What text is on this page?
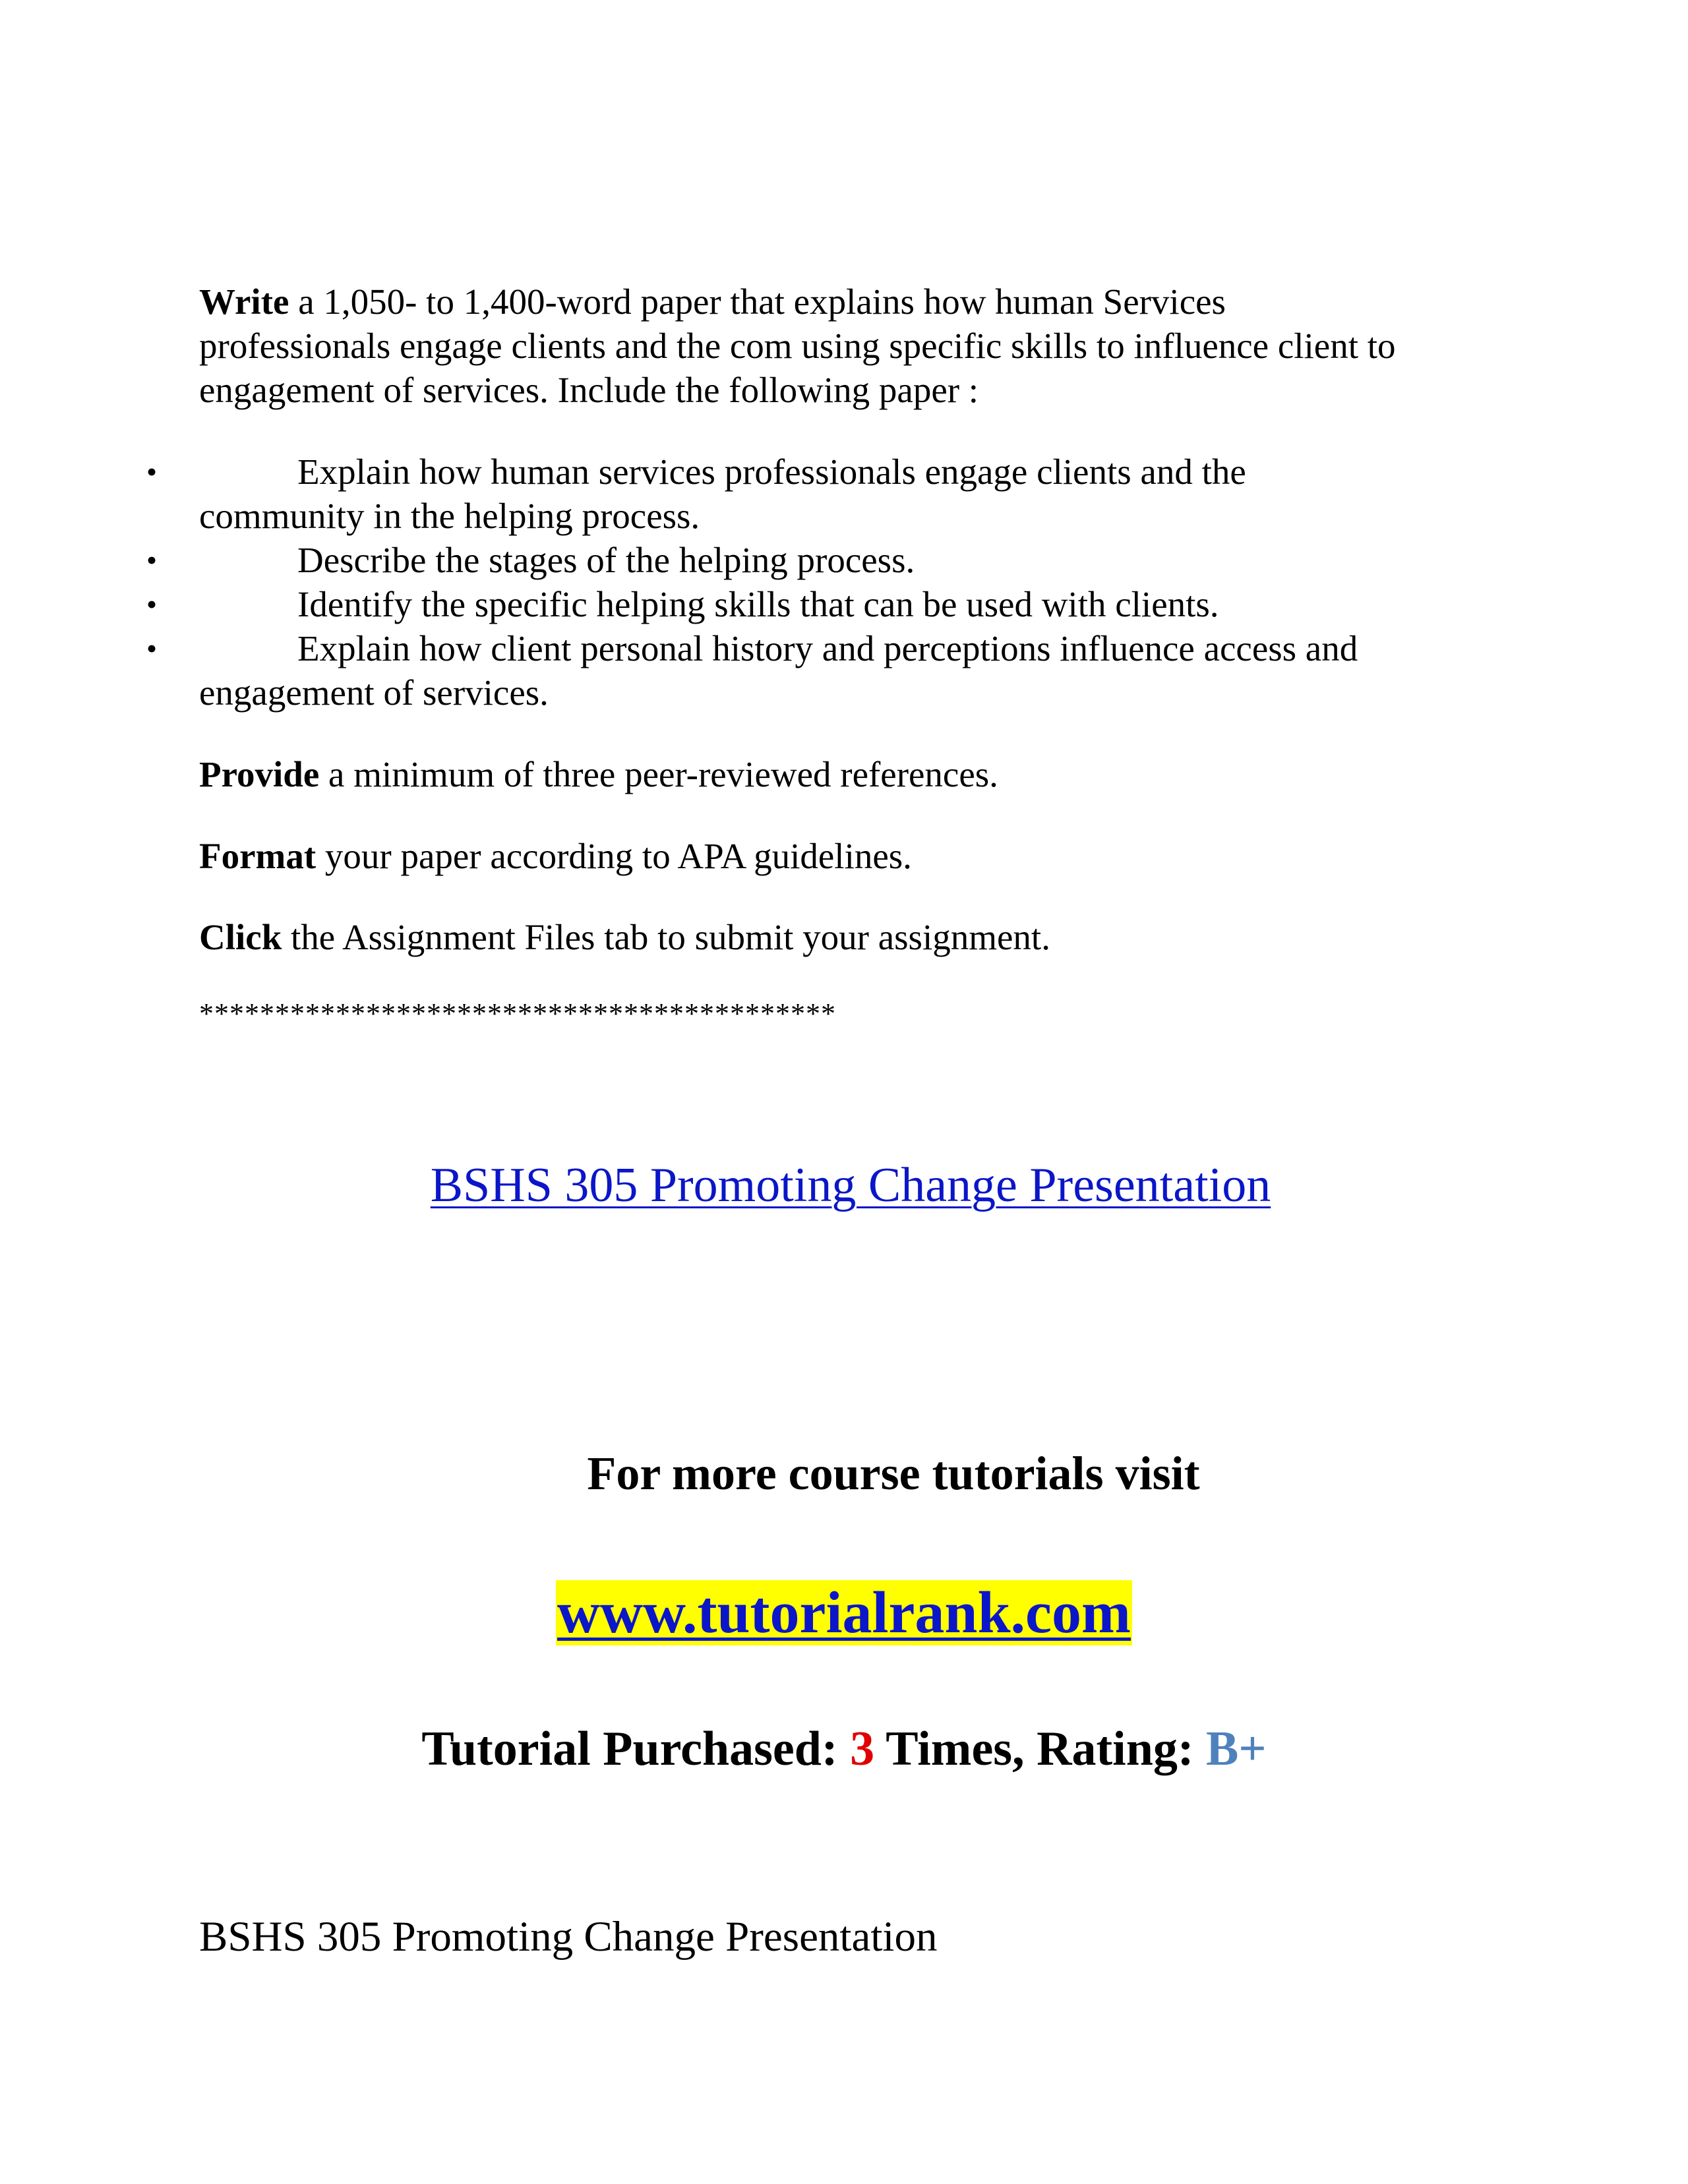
Write a 1,050- to 1,400-word paper that explains how human Services
professionals engage clients and the com using specific skills to influence client to
engagement of services. Include the following paper :
•	Explain how human services professionals engage clients and the
community in the helping process.
•	Describe the stages of the helping process.
•	Identify the specific helping skills that can be used with clients.
•	Explain how client personal history and perceptions influence access and
engagement of services.
Provide a minimum of three peer-reviewed references.
Format your paper according to APA guidelines.
Click the Assignment Files tab to submit your assignment.
******************************************
BSHS 305 Promoting Change Presentation
For more course tutorials visit
www.tutorialrank.com
Tutorial Purchased: 3 Times, Rating: B+
BSHS 305 Promoting Change Presentation
